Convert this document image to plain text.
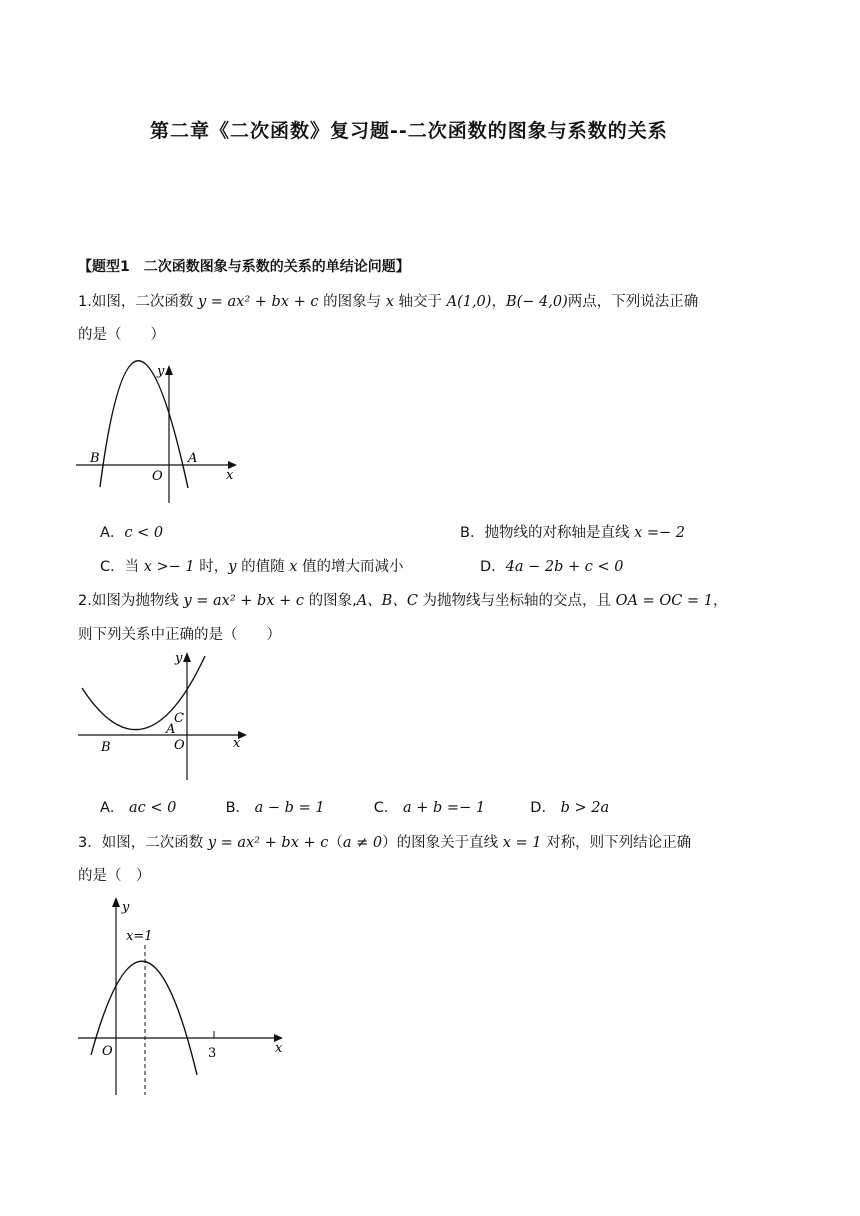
第二章《二次函数》复习题--二次函数的图象与系数的关系
【题型1　二次函数图象与系数的关系的单结论问题】
1.如图，二次函数 y = ax² + bx + c 的图象与 x 轴交于 A(1,0)，B(− 4,0)两点，下列说法正确
的是（　　）
y
x
B	A
O
A．c < 0	B．抛物线的对称轴是直线 x =− 2
C．当 x >− 1 时，y 的值随 x 值的增大而减小	D．4a − 2b + c < 0
2.如图为抛物线 y = ax² + bx + c 的图象,A、B、C 为抛物线与坐标轴的交点，且 OA = OC = 1，
则下列关系中正确的是（　　）
y
x
B
A
C
O
A． ac < 0	B． a − b = 1	C． a + b =− 1	D． b > 2a
3．如图，二次函数 y = ax² + bx + c（a ≠ 0）的图象关于直线 x = 1 对称，则下列结论正确
的是（　）
y
x
O	3
x=1
